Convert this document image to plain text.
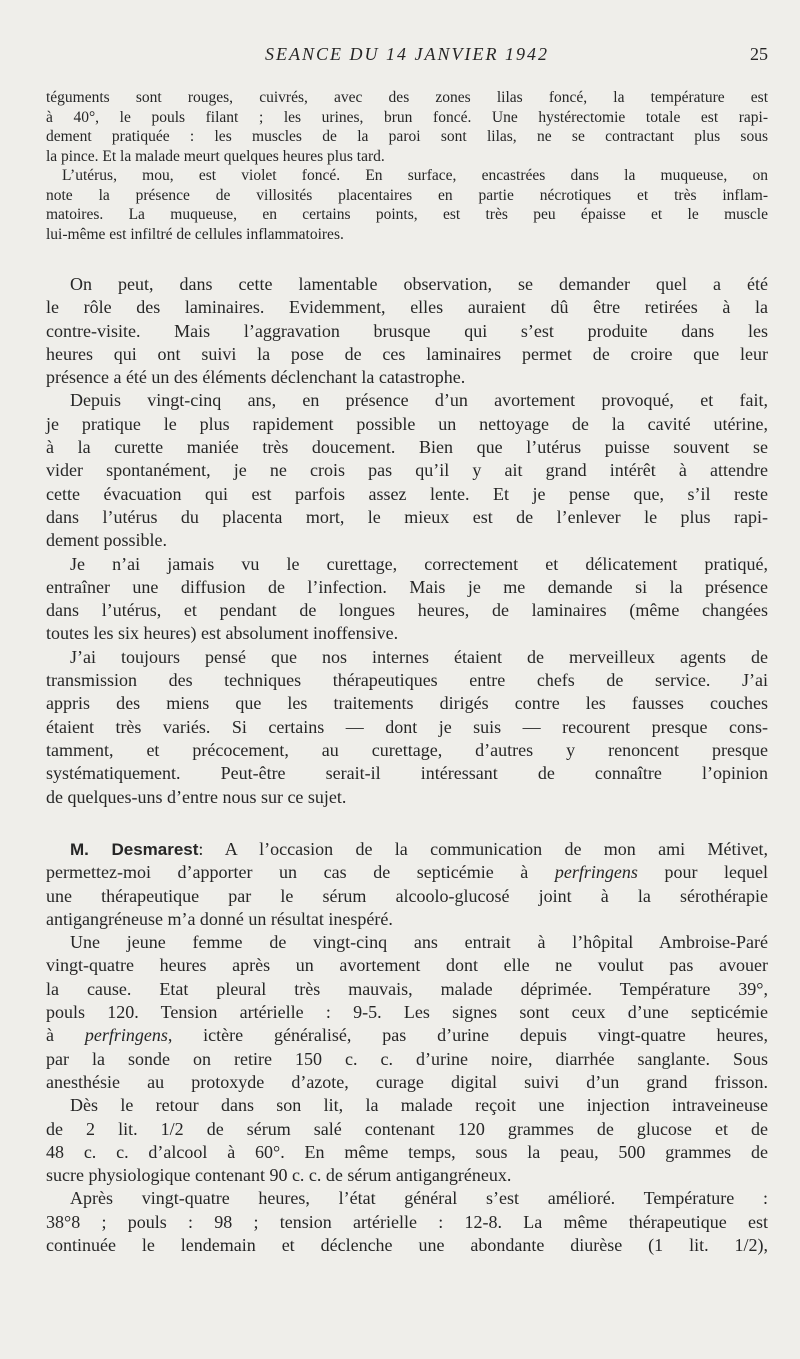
SEANCE DU 14 JANVIER 1942	25
téguments sont rouges, cuivrés, avec des zones lilas foncé, la température est
à 40°, le pouls filant ; les urines, brun foncé. Une hystérectomie totale est rapi-
dement pratiquée : les muscles de la paroi sont lilas, ne se contractant plus sous
la pince. Et la malade meurt quelques heures plus tard.
L’utérus, mou, est violet foncé. En surface, encastrées dans la muqueuse, on
note la présence de villosités placentaires en partie nécrotiques et très inflam-
matoires. La muqueuse, en certains points, est très peu épaisse et le muscle
lui-même est infiltré de cellules inflammatoires.
On peut, dans cette lamentable observation, se demander quel a été
le rôle des laminaires. Evidemment, elles auraient dû être retirées à la
contre-visite. Mais l’aggravation brusque qui s’est produite dans les
heures qui ont suivi la pose de ces laminaires permet de croire que leur
présence a été un des éléments déclenchant la catastrophe.
Depuis vingt-cinq ans, en présence d’un avortement provoqué, et fait,
je pratique le plus rapidement possible un nettoyage de la cavité utérine,
à la curette maniée très doucement. Bien que l’utérus puisse souvent se
vider spontanément, je ne crois pas qu’il y ait grand intérêt à attendre
cette évacuation qui est parfois assez lente. Et je pense que, s’il reste
dans l’utérus du placenta mort, le mieux est de l’enlever le plus rapi-
dement possible.
Je n’ai jamais vu le curettage, correctement et délicatement pratiqué,
entraîner une diffusion de l’infection. Mais je me demande si la présence
dans l’utérus, et pendant de longues heures, de laminaires (même changées
toutes les six heures) est absolument inoffensive.
J’ai toujours pensé que nos internes étaient de merveilleux agents de
transmission des techniques thérapeutiques entre chefs de service. J’ai
appris des miens que les traitements dirigés contre les fausses couches
étaient très variés. Si certains — dont je suis — recourent presque cons-
tamment, et précocement, au curettage, d’autres y renoncent presque
systématiquement. Peut-être serait-il intéressant de connaître l’opinion
de quelques-uns d’entre nous sur ce sujet.
M. Desmarest: A l’occasion de la communication de mon ami Métivet,
permettez-moi d’apporter un cas de septicémie à perfringens pour lequel
une thérapeutique par le sérum alcoolo-glucosé joint à la sérothérapie
antigangréneuse m’a donné un résultat inespéré.
Une jeune femme de vingt-cinq ans entrait à l’hôpital Ambroise-Paré
vingt-quatre heures après un avortement dont elle ne voulut pas avouer
la cause. Etat pleural très mauvais, malade déprimée. Température 39°,
pouls 120. Tension artérielle : 9-5. Les signes sont ceux d’une septicémie
à perfringens, ictère généralisé, pas d’urine depuis vingt-quatre heures,
par la sonde on retire 150 c. c. d’urine noire, diarrhée sanglante. Sous
anesthésie au protoxyde d’azote, curage digital suivi d’un grand frisson.
Dès le retour dans son lit, la malade reçoit une injection intraveineuse
de 2 lit. 1/2 de sérum salé contenant 120 grammes de glucose et de
48 c. c. d’alcool à 60°. En même temps, sous la peau, 500 grammes de
sucre physiologique contenant 90 c. c. de sérum antigangréneux.
Après vingt-quatre heures, l’état général s’est amélioré. Température :
38°8 ; pouls : 98 ; tension artérielle : 12-8. La même thérapeutique est
continuée le lendemain et déclenche une abondante diurèse (1 lit. 1/2),
